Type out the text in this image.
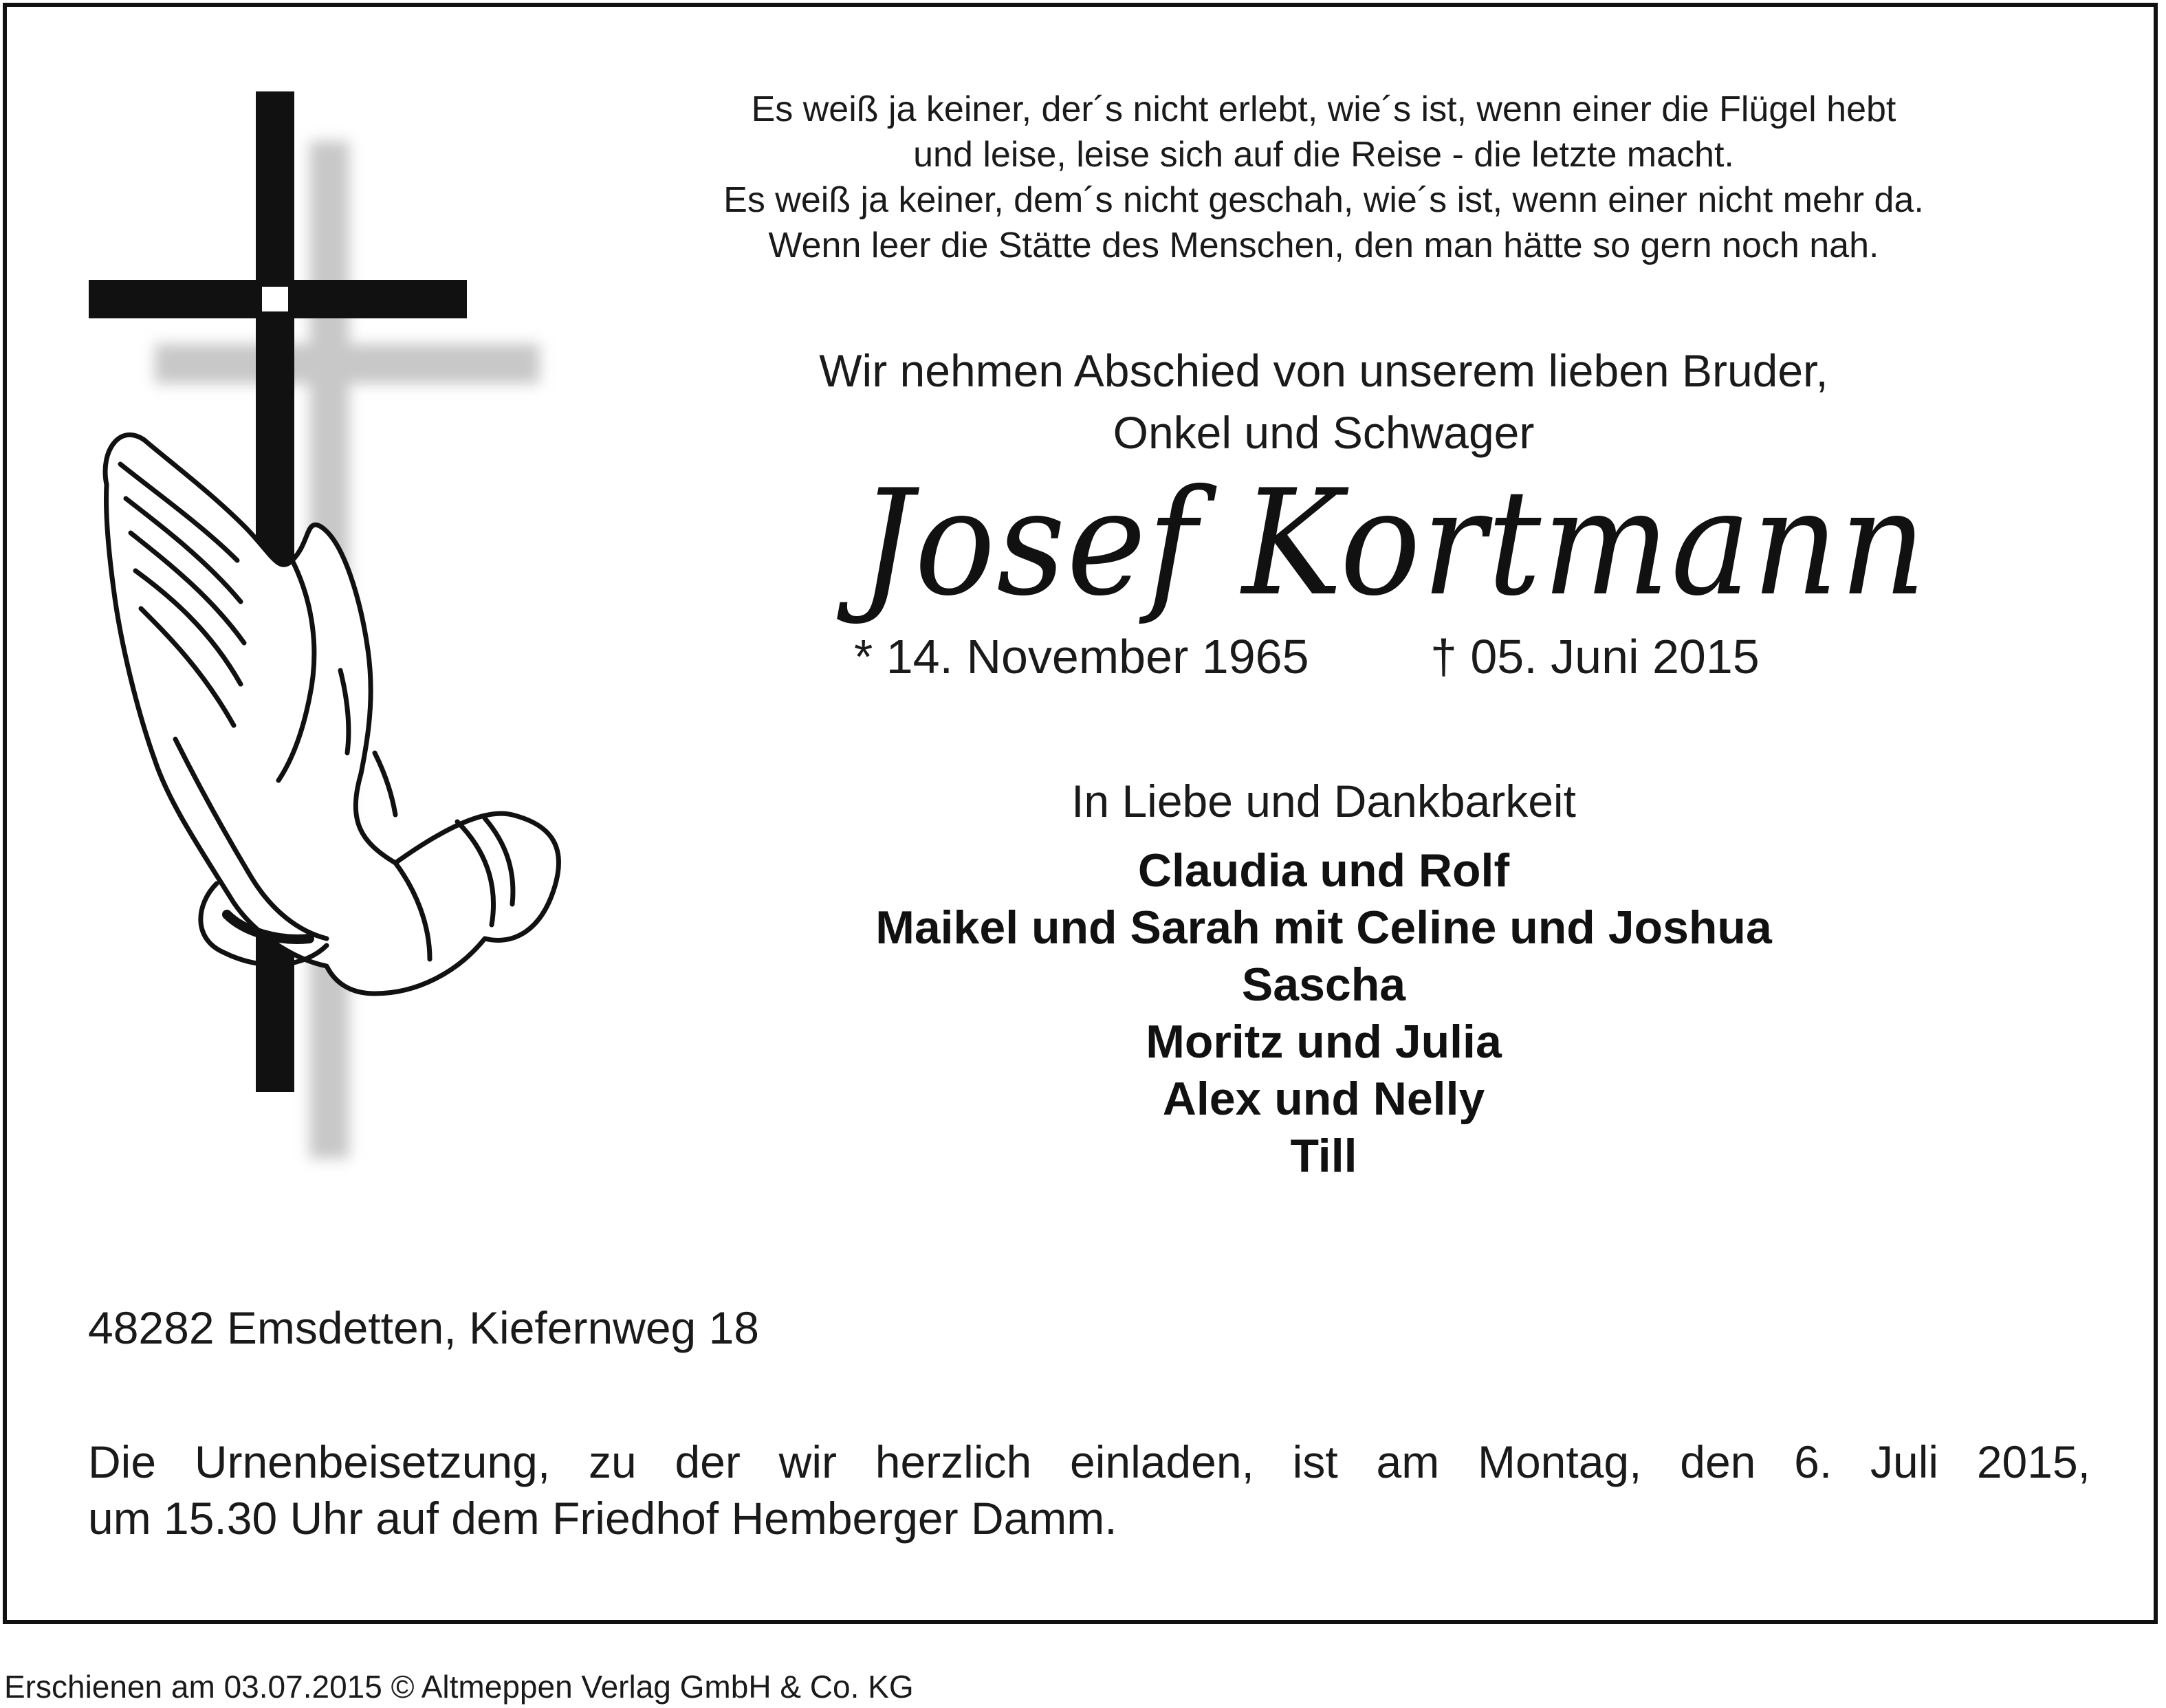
Es weiß ja keiner, der´s nicht erlebt, wie´s ist, wenn einer die Flügel hebt
und leise, leise sich auf die Reise - die letzte macht.
Es weiß ja keiner, dem´s nicht geschah, wie´s ist, wenn einer nicht mehr da.
Wenn leer die Stätte des Menschen, den man hätte so gern noch nah.
Wir nehmen Abschied von unserem lieben Bruder,
Onkel und Schwager
Josef Kortmann
* 14. November 1965	† 05. Juni 2015
In Liebe und Dankbarkeit
Claudia und Rolf
Maikel und Sarah mit Celine und Joshua
Sascha
Moritz und Julia
Alex und Nelly
Till
48282 Emsdetten, Kiefernweg 18
Die Urnenbeisetzung, zu der wir herzlich einladen, ist am Montag, den 6. Juli 2015,
um 15.30 Uhr auf dem Friedhof Hemberger Damm.
Erschienen am 03.07.2015 © Altmeppen Verlag GmbH & Co. KG
